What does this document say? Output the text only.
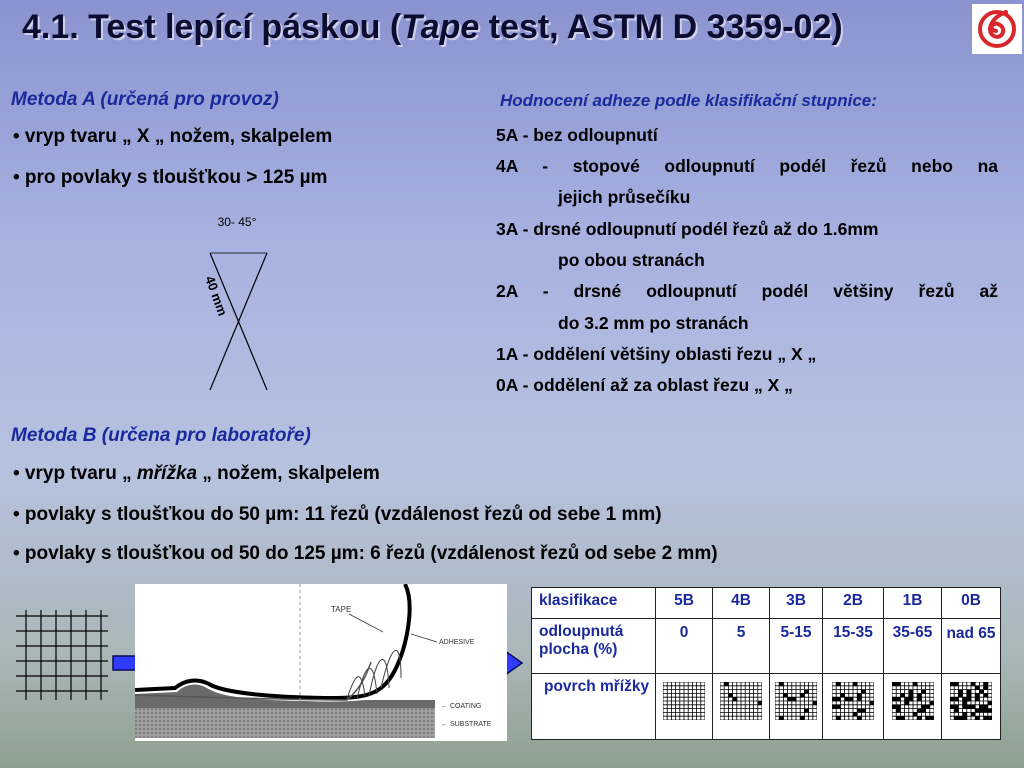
4.1. Test lepící páskou (Tape test, ASTM D 3359-02)
Metoda A (určená pro provoz)
• vryp tvaru „ X „ nožem, skalpelem
• pro povlaky s tloušťkou > 125 µm
30- 45°
40 mm
Hodnocení adheze podle klasifikační stupnice:
5A - bez odloupnutí
4A - stopové odloupnutí podél řezů nebo na
jejich průsečíku
3A - drsné odloupnutí podél řezů až do 1.6mm
po obou stranách
2A - drsné odloupnutí podél většiny řezů až
do 3.2 mm po stranách
1A - oddělení většiny oblasti řezu „ X „
0A - oddělení až za oblast řezu „ X „
Metoda B (určena pro laboratoře)
• vryp tvaru „ mřížka „ nožem, skalpelem
• povlaky s tloušťkou do 50 µm: 11 řezů (vzdálenost řezů od sebe 1 mm)
• povlaky s tloušťkou od 50 do 125 µm: 6 řezů (vzdálenost řezů od sebe 2 mm)
TAPE
ADHESIVE
← COATING
← SUBSTRATE
klasifikace	5B	4B	3B	2B	1B	0B
odloupnutá plocha (%)	0	5	5-15	15-35	35-65	nad 65
povrch mřížky						
